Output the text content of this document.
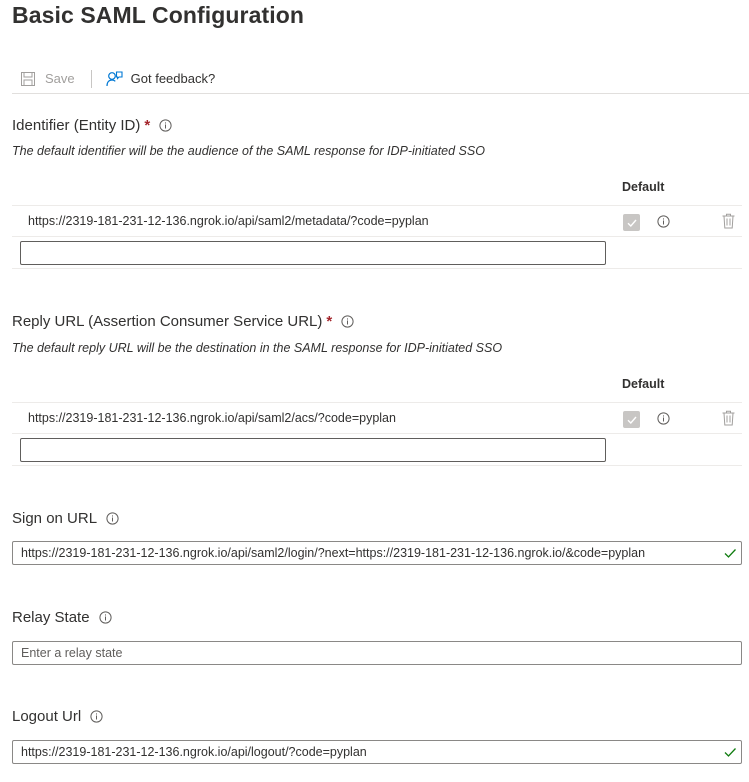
Basic SAML Configuration
Save	Got feedback?
Identifier (Entity ID) *
The default identifier will be the audience of the SAML response for IDP-initiated SSO
Default
https://2319-181-231-12-136.ngrok.io/api/saml2/metadata/?code=pyplan
Reply URL (Assertion Consumer Service URL) *
The default reply URL will be the destination in the SAML response for IDP-initiated SSO
Default
https://2319-181-231-12-136.ngrok.io/api/saml2/acs/?code=pyplan
Sign on URL
https://2319-181-231-12-136.ngrok.io/api/saml2/login/?next=https://2319-181-231-12-136.ngrok.io/&code=pyplan
Relay State
Enter a relay state
Logout Url
https://2319-181-231-12-136.ngrok.io/api/logout/?code=pyplan
